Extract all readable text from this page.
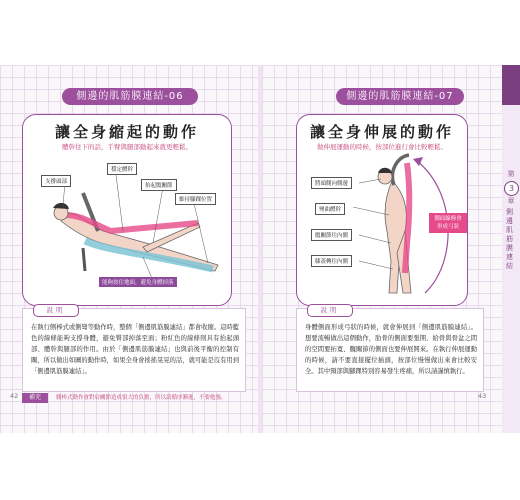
第
3
章
側邊肌筋膜連結
側邊的肌筋膜連結-06	側邊的肌筋膜連結-07
讓全身縮起的動作
體幹往下的話，手臂與腿部動起來就更輕鬆。
穩定體幹
抬起髖關節
支撐頭部
維持腳踝位置
能夠按住地面，避免身體掉落
讓全身伸展的動作
做伸展運動的時候，按部位進行會比較輕鬆。
將頭側向側邊
彎曲體幹
髖關節往內側
膝蓋轉往內側
側面線條會形成弓狀
說明
在執行側棒式或側彎等動作時，整個「側邊肌筋膜連結」都會收縮。這時藍色的線條能夠支撐身體，避免臀部掉落至面；粉紅色的線條則具有抬起頭部、體幹與腿部的作用。由於「側邊肌筋膜連結」也與前後平衡的控制有關，所以做出如圖的動作時，如果全身會搖搖晃晃的話，就可能是沒有用到「側邊肌筋膜連結」。
說明
身體側面形成弓狀的時候，就會伸展到「側邊肌筋膜連結」。想要流暢做出這個動作，肋骨的側面要張開、給骨與骨盆之間的空間要拓寬、髖關節的側面也要伸展開來。在執行伸展運動的時候，請不要直接擺位插頭，按部位慢慢做出來會比較安全。其中頸部與腳踝特別容易發生疼痛，所以請謹慎執行。
補充	側棒式動作會對肩關節造成很大的負擔，所以請循序漸進，不要勉強。
42	43
